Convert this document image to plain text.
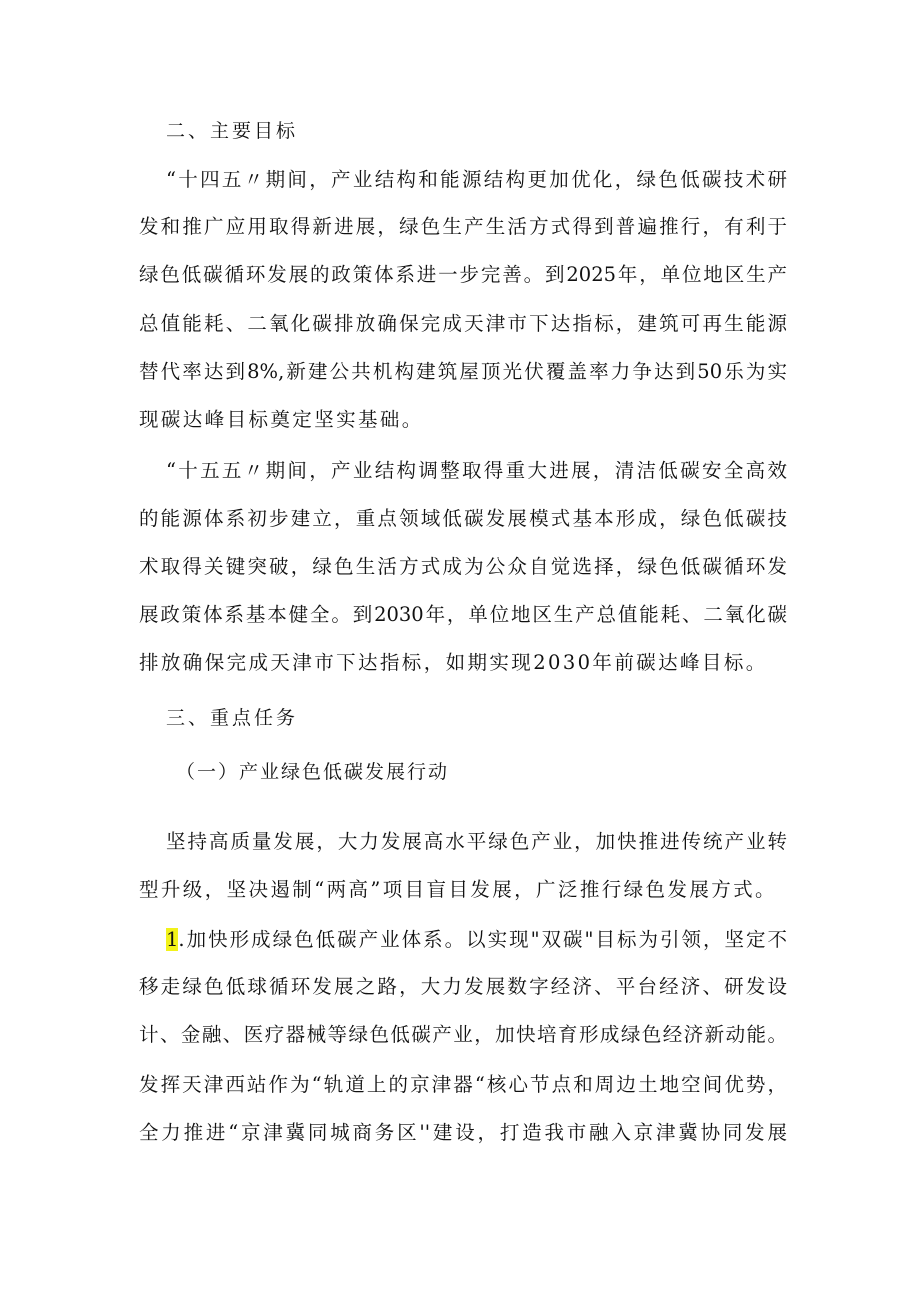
二、主要目标
“十四五〃期间，产业结构和能源结构更加优化，绿色低碳技术研
发和推广应用取得新进展，绿色生产生活方式得到普遍推行，有利于
绿色低碳循环发展的政策体系进一步完善。到2025年，单位地区生产
总值能耗、二氧化碳排放确保完成天津市下达指标，建筑可再生能源
替代率达到8%,新建公共机构建筑屋顶光伏覆盖率力争达到50乐为实
现碳达峰目标奠定坚实基础。
“十五五〃期间，产业结构调整取得重大进展，清洁低碳安全高效
的能源体系初步建立，重点领域低碳发展模式基本形成，绿色低碳技
术取得关键突破，绿色生活方式成为公众自觉选择，绿色低碳循环发
展政策体系基本健全。到2030年，单位地区生产总值能耗、二氧化碳
排放确保完成天津市下达指标，如期实现2030年前碳达峰目标。
三、重点任务
（一）产业绿色低碳发展行动
坚持高质量发展，大力发展高水平绿色产业，加快推进传统产业转
型升级，坚决遏制“两高”项目盲目发展，广泛推行绿色发展方式。
1.加快形成绿色低碳产业体系。以实现"双碳"目标为引领，坚定不
移走绿色低球循环发展之路，大力发展数字经济、平台经济、研发设
计、金融、医疗器械等绿色低碳产业，加快培育形成绿色经济新动能。
发挥天津西站作为“轨道上的京津器“核心节点和周边土地空间优势，
全力推进“京津冀同城商务区''建设，打造我市融入京津冀协同发展
